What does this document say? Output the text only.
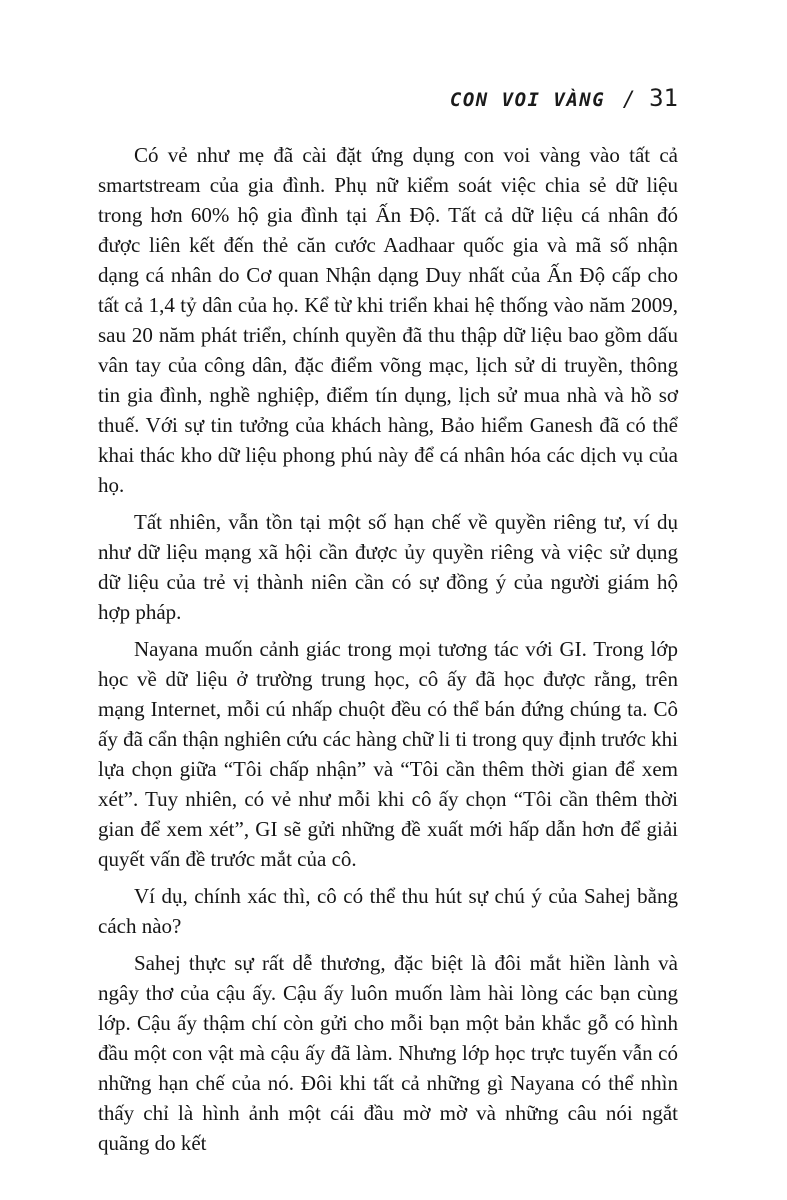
CON VOI VÀNG / 31

Có vẻ như mẹ đã cài đặt ứng dụng con voi vàng vào tất cả smartstream của gia đình. Phụ nữ kiểm soát việc chia sẻ dữ liệu trong hơn 60% hộ gia đình tại Ấn Độ. Tất cả dữ liệu cá nhân đó được liên kết đến thẻ căn cước Aadhaar quốc gia và mã số nhận dạng cá nhân do Cơ quan Nhận dạng Duy nhất của Ấn Độ cấp cho tất cả 1,4 tỷ dân của họ. Kể từ khi triển khai hệ thống vào năm 2009, sau 20 năm phát triển, chính quyền đã thu thập dữ liệu bao gồm dấu vân tay của công dân, đặc điểm võng mạc, lịch sử di truyền, thông tin gia đình, nghề nghiệp, điểm tín dụng, lịch sử mua nhà và hồ sơ thuế. Với sự tin tưởng của khách hàng, Bảo hiểm Ganesh đã có thể khai thác kho dữ liệu phong phú này để cá nhân hóa các dịch vụ của họ.

Tất nhiên, vẫn tồn tại một số hạn chế về quyền riêng tư, ví dụ như dữ liệu mạng xã hội cần được ủy quyền riêng và việc sử dụng dữ liệu của trẻ vị thành niên cần có sự đồng ý của người giám hộ hợp pháp.

Nayana muốn cảnh giác trong mọi tương tác với GI. Trong lớp học về dữ liệu ở trường trung học, cô ấy đã học được rằng, trên mạng Internet, mỗi cú nhấp chuột đều có thể bán đứng chúng ta. Cô ấy đã cẩn thận nghiên cứu các hàng chữ li ti trong quy định trước khi lựa chọn giữa “Tôi chấp nhận” và “Tôi cần thêm thời gian để xem xét”. Tuy nhiên, có vẻ như mỗi khi cô ấy chọn “Tôi cần thêm thời gian để xem xét”, GI sẽ gửi những đề xuất mới hấp dẫn hơn để giải quyết vấn đề trước mắt của cô.

Ví dụ, chính xác thì, cô có thể thu hút sự chú ý của Sahej bằng cách nào?

Sahej thực sự rất dễ thương, đặc biệt là đôi mắt hiền lành và ngây thơ của cậu ấy. Cậu ấy luôn muốn làm hài lòng các bạn cùng lớp. Cậu ấy thậm chí còn gửi cho mỗi bạn một bản khắc gỗ có hình đầu một con vật mà cậu ấy đã làm. Nhưng lớp học trực tuyến vẫn có những hạn chế của nó. Đôi khi tất cả những gì Nayana có thể nhìn thấy chỉ là hình ảnh một cái đầu mờ mờ và những câu nói ngắt quãng do kết
